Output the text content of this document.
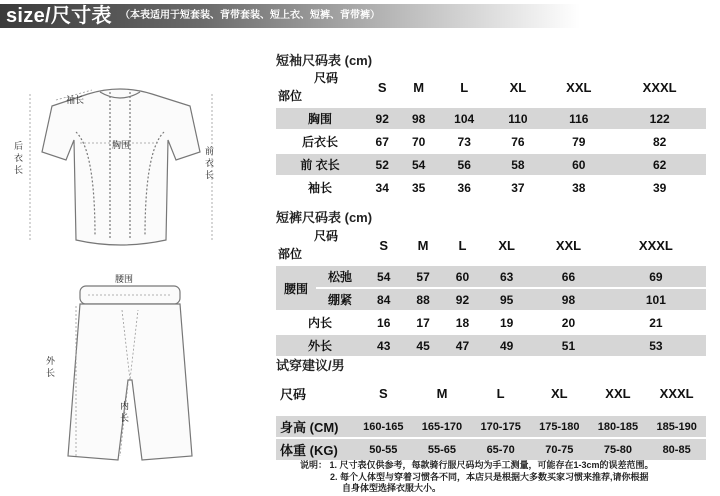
size/尺寸表 （本表适用于短套装、背带套装、短上衣、短裤、背带裤）
袖长
胸围
后衣长
前衣长
腰围
外长
内长
短袖尺码表 (cm)
尺码
部位	S	M	L	XL	XXL	XXXL
胸围	92	98	104	110	116	122
后衣长	67	70	73	76	79	82
前 衣长	52	54	56	58	60	62
袖长	34	35	36	37	38	39
短裤尺码表 (cm)
尺码
部位		S	M	L	XL	XXL	XXXL
腰围	松弛	54	57	60	63	66	69
	绷紧	84	88	92	95	98	101
内长		16	17	18	19	20	21
外长		43	45	47	49	51	53
试穿建议/男
尺码	S	M	L	XL	XXL	XXXL

身高 (CM)	160-165	165-170	170-175	175-180	180-185	185-190
体重 (KG)	50-55	55-65	65-70	70-75	75-80	80-85
说明： 1. 尺寸表仅供参考，每款骑行服尺码均为手工测量，可能存在1-3cm的误差范围。
2. 每个人体型与穿着习惯各不同，本店只是根据大多数买家习惯来推荐,请你根据
自身体型选择衣服大小。
